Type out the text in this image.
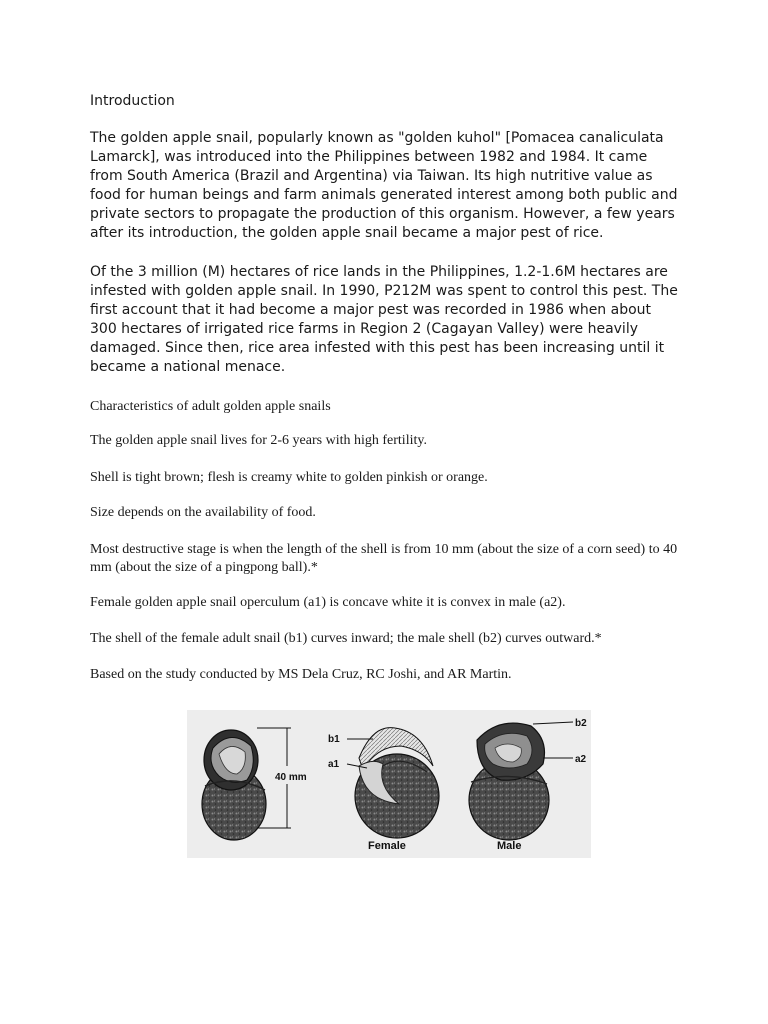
Introduction

The golden apple snail, popularly known as "golden kuhol" [Pomacea canaliculata Lamarck], was introduced into the Philippines between 1982 and 1984. It came from South America (Brazil and Argentina) via Taiwan. Its high nutritive value as food for human beings and farm animals generated interest among both public and private sectors to propagate the production of this organism. However, a few years after its introduction, the golden apple snail became a major pest of rice.

Of the 3 million (M) hectares of rice lands in the Philippines, 1.2-1.6M hectares are infested with golden apple snail. In 1990, P212M was spent to control this pest. The first account that it had become a major pest was recorded in 1986 when about 300 hectares of irrigated rice farms in Region 2 (Cagayan Valley) were heavily damaged. Since then, rice area infested with this pest has been increasing until it became a national menace.

Characteristics of adult golden apple snails

The golden apple snail lives for 2-6 years with high fertility.

Shell is tight brown; flesh is creamy white to golden pinkish or orange.

Size depends on the availability of food.

Most destructive stage is when the length of the shell is from 10 mm (about the size of a corn seed) to 40 mm (about the size of a pingpong ball).*

Female golden apple snail operculum (a1) is concave white it is convex in male (a2).

The shell of the female adult snail (b1) curves inward; the male shell (b2) curves outward.*

Based on the study conducted by MS Dela Cruz, RC Joshi, and AR Martin.

40 mm
b1
a1
Female
b2
a2
Male
